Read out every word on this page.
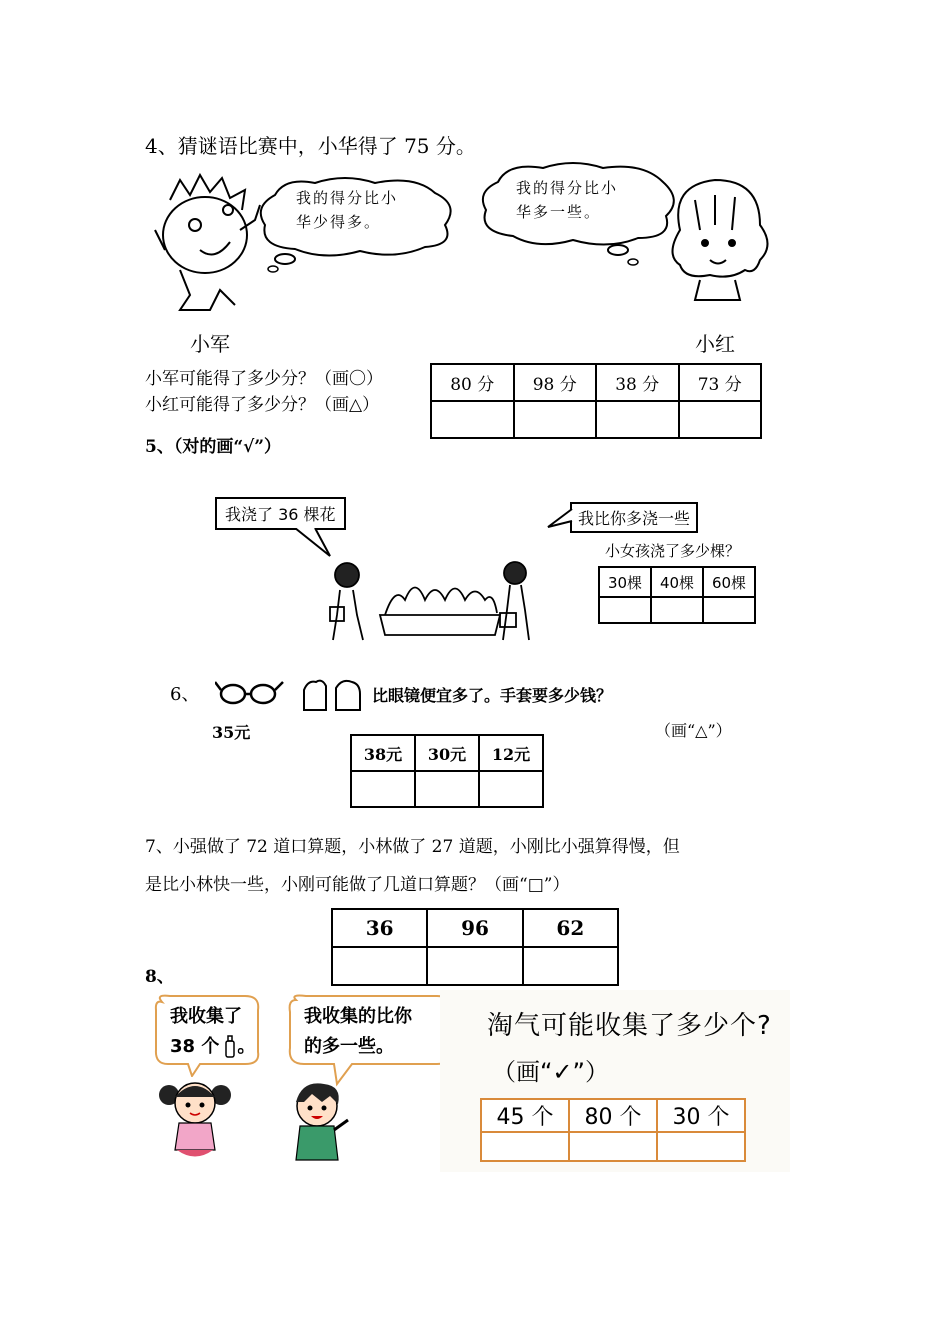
4、猜谜语比赛中，小华得了 75 分。
我的得分比小
华少得多。
我的得分比小
华多一些。
小军	小红
小军可能得了多少分？（画〇）
小红可能得了多少分？（画△）
80 分	98 分	38 分	73 分

5、（对的画“√”）
我浇了 36 棵花	我比你多浇一些
小女孩浇了多少棵？
30棵	40棵	60棵

6、
35元
比眼镜便宜多了。手套要多少钱？
（画“△”）
38元	30元	12元

7、小强做了 72 道口算题，小林做了 27 道题，小刚比小强算得慢，但
是比小林快一些，小刚可能做了几道口算题？（画“□”）
36	96	62

8、
我收集了
38 个 。
我收集的比你
的多一些。
淘气可能收集了多少个?
（画“✓”）
45 个	80 个	30 个
